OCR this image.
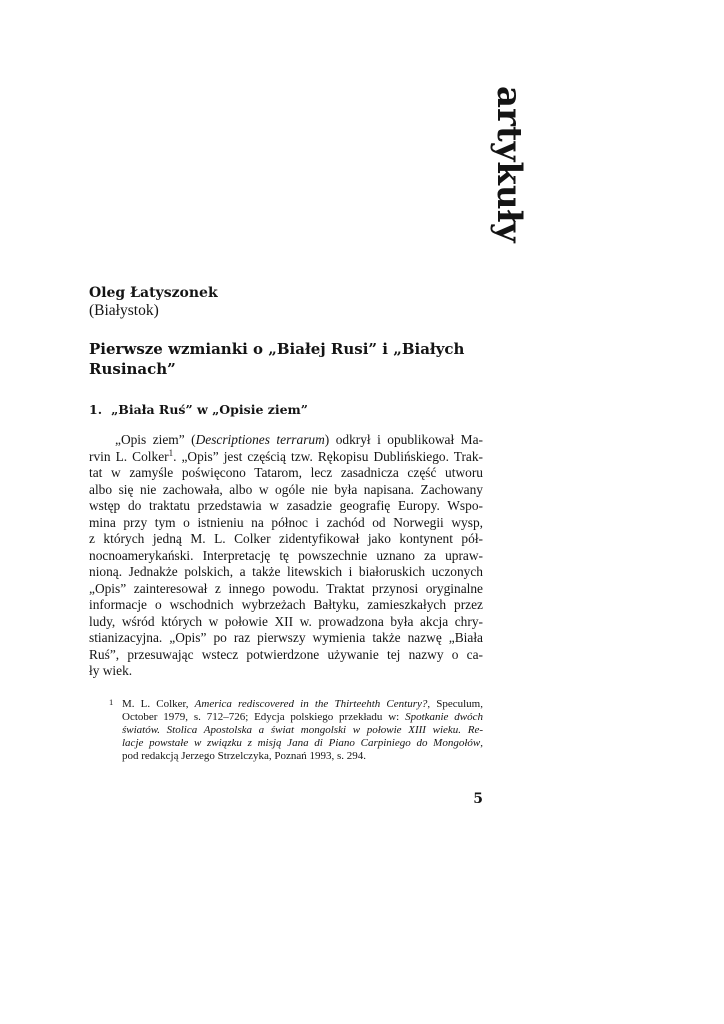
artykuły
Oleg Łatyszonek
(Białystok)
Pierwsze wzmianki o „Białej Rusi” i „Białych
Rusinach”
1. „Biała Ruś” w „Opisie ziem”
„Opis ziem” (Descriptiones terrarum) odkrył i opublikował Ma-
rvin L. Colker$^1$. „Opis” jest częścią tzw. Rękopisu Dublińskiego. Trak-
tat w zamyśle poświęcono Tatarom, lecz zasadnicza część utworu
albo się nie zachowała, albo w ogóle nie była napisana. Zachowany
wstęp do traktatu przedstawia w zasadzie geografię Europy. Wspo-
mina przy tym o istnieniu na północ i zachód od Norwegii wysp,
z których jedną M. L. Colker zidentyfikował jako kontynent pół-
nocnoamerykański. Interpretację tę powszechnie uznano za upraw-
nioną. Jednakże polskich, a także litewskich i białoruskich uczonych
„Opis” zainteresował z innego powodu. Traktat przynosi oryginalne
informacje o wschodnich wybrzeżach Bałtyku, zamieszkałych przez
ludy, wśród których w połowie XII w. prowadzona była akcja chry-
stianizacyjna. „Opis” po raz pierwszy wymienia także nazwę „Biała
Ruś”, przesuwając wstecz potwierdzone używanie tej nazwy o ca-
ły wiek.
1 M. L. Colker, America rediscovered in the Thirteehth Century?, Speculum,
October 1979, s. 712–726; Edycja polskiego przekładu w: Spotkanie dwóch
światów. Stolica Apostolska a świat mongolski w połowie XIII wieku. Re-
lacje powstałe w związku z misją Jana di Piano Carpiniego do Mongołów,
pod redakcją Jerzego Strzelczyka, Poznań 1993, s. 294.
5
